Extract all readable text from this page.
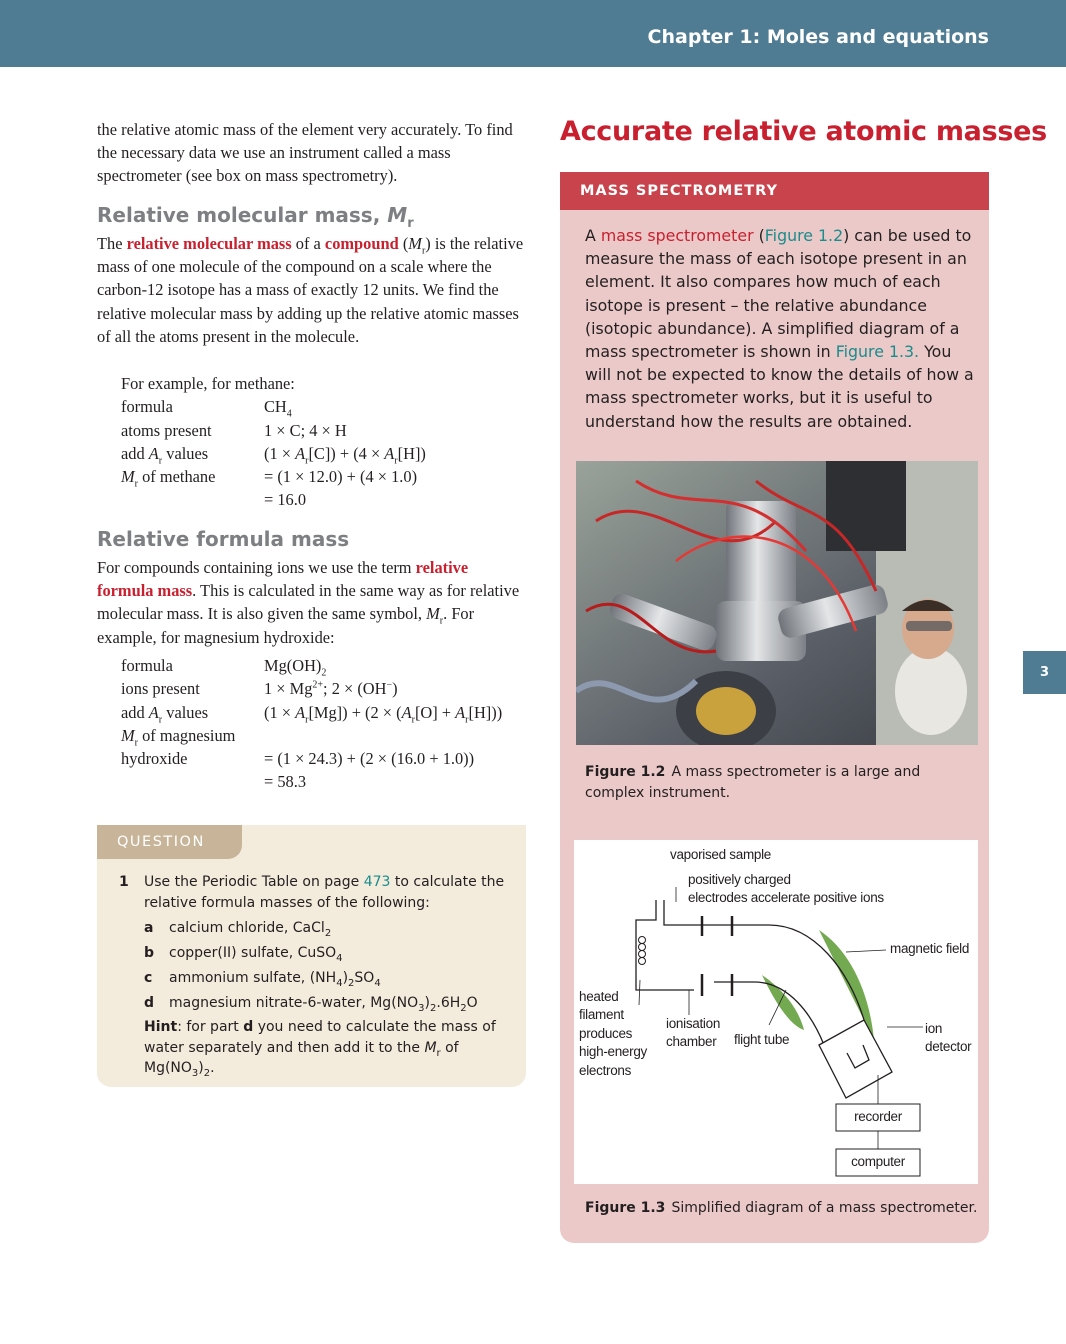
Chapter 1: Moles and equations
3

the relative atomic mass of the element very accurately. To find the necessary data we use an instrument called a mass spectrometer (see box on mass spectrometry).

Relative molecular mass, $M_r$

The relative molecular mass of a compound $(M_r)$ is the relative mass of one molecule of the compound on a scale where the carbon-12 isotope has a mass of exactly 12 units. We find the relative molecular mass by adding up the relative atomic masses of all the atoms present in the molecule.

For example, for methane:
formula	$CH_4$
atoms present	1 × C; 4 × H
add $A_r$ values	$(1 \times A_r[C]) + (4 \times A_r[H])$
$M_r$ of methane	= (1 × 12.0) + (4 × 1.0)
	= 16.0
Relative formula mass

For compounds containing ions we use the term relative formula mass. This is calculated in the same way as for relative molecular mass. It is also given the same symbol, $M_r$. For example, for magnesium hydroxide:

formula	$Mg(OH)_2$
ions present	$1 \times Mg^{2+}$; 2 × (OH−)
add $A_r$ values	$(1 \times A_r[Mg]) + (2 \times (A_r[O] + A_r[H]))$
$M_r$ of magnesium	
hydroxide	= (1 × 24.3) + (2 × (16.0 + 1.0))
	= 58.3
QUESTION
1 Use the Periodic Table on page 473 to calculate the relative formula masses of the following:
a calcium chloride, CaCl$_2$
b copper(II) sulfate, CuSO$_4$
c ammonium sulfate, $(NH_4)_2SO_4$
d magnesium nitrate-6-water, $Mg(NO_3)_2.6H_2O$
Hint: for part d you need to calculate the mass of water separately and then add it to the $M_r$ of $Mg(NO_3)_2$.
Accurate relative atomic masses
MASS SPECTROMETRY

A mass spectrometer (Figure 1.2) can be used to measure the mass of each isotope present in an element. It also compares how much of each isotope is present – the relative abundance (isotopic abundance). A simplified diagram of a mass spectrometer is shown in Figure 1.3. You will not be expected to know the details of how a mass spectrometer works, but it is useful to understand how the results are obtained.

Figure 1.2 A mass spectrometer is a large and complex instrument.
vaporised sample
positively charged
electrodes accelerate positive ions
magnetic field
heated
filament
produces
high-energy
electrons
ionisation
chamber flight tube
ion
detector
recorder
computer
Figure 1.3 Simplified diagram of a mass spectrometer.
